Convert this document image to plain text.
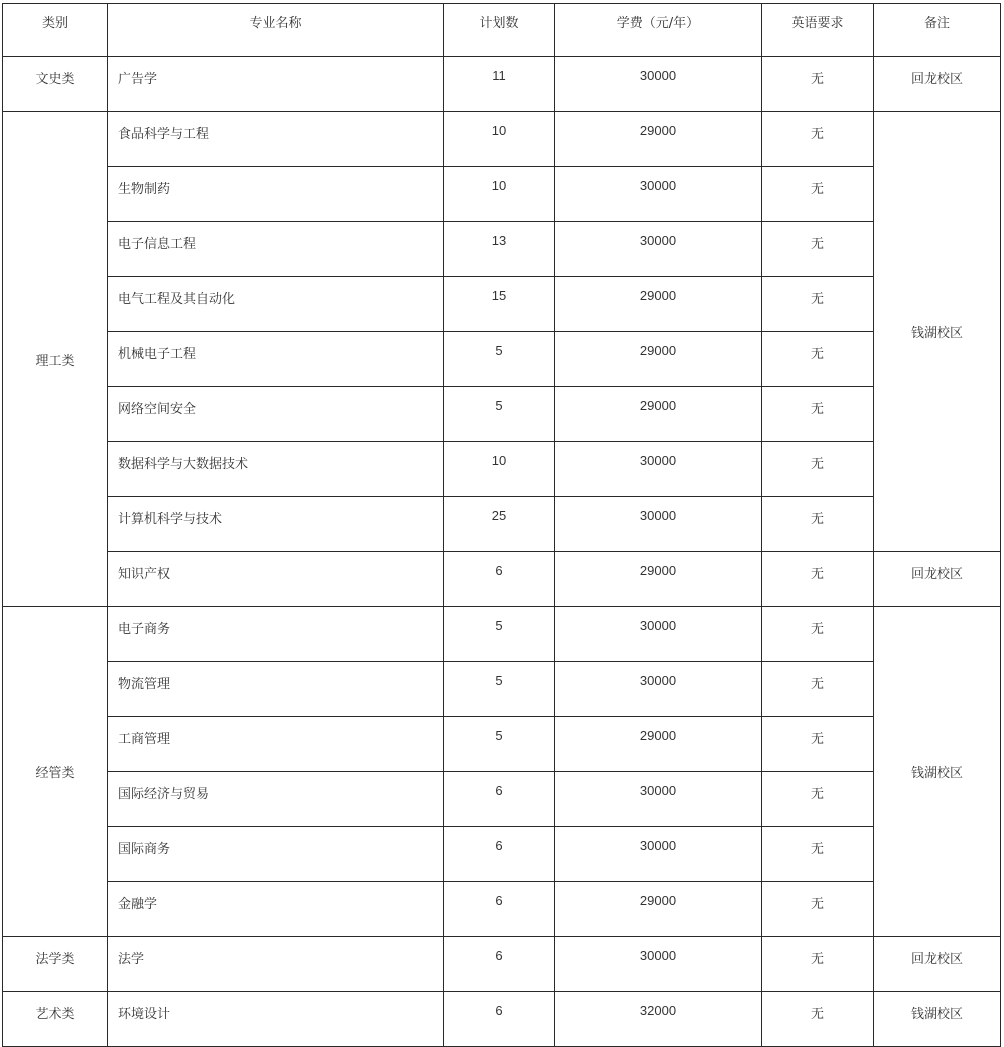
类别	专业名称	计划数	学费（元/年）	英语要求	备注
文史类	广告学	11	30000	无	回龙校区
理工类	食品科学与工程	10	29000	无	钱湖校区
	生物制药	10	30000	无	
	电子信息工程	13	30000	无	
	电气工程及其自动化	15	29000	无	
	机械电子工程	5	29000	无	
	网络空间安全	5	29000	无	
	数据科学与大数据技术	10	30000	无	
	计算机科学与技术	25	30000	无	
	知识产权	6	29000	无	回龙校区
经管类	电子商务	5	30000	无	钱湖校区
	物流管理	5	30000	无	
	工商管理	5	29000	无	
	国际经济与贸易	6	30000	无	
	国际商务	6	30000	无	
	金融学	6	29000	无	
法学类	法学	6	30000	无	回龙校区
艺术类	环境设计	6	32000	无	钱湖校区
